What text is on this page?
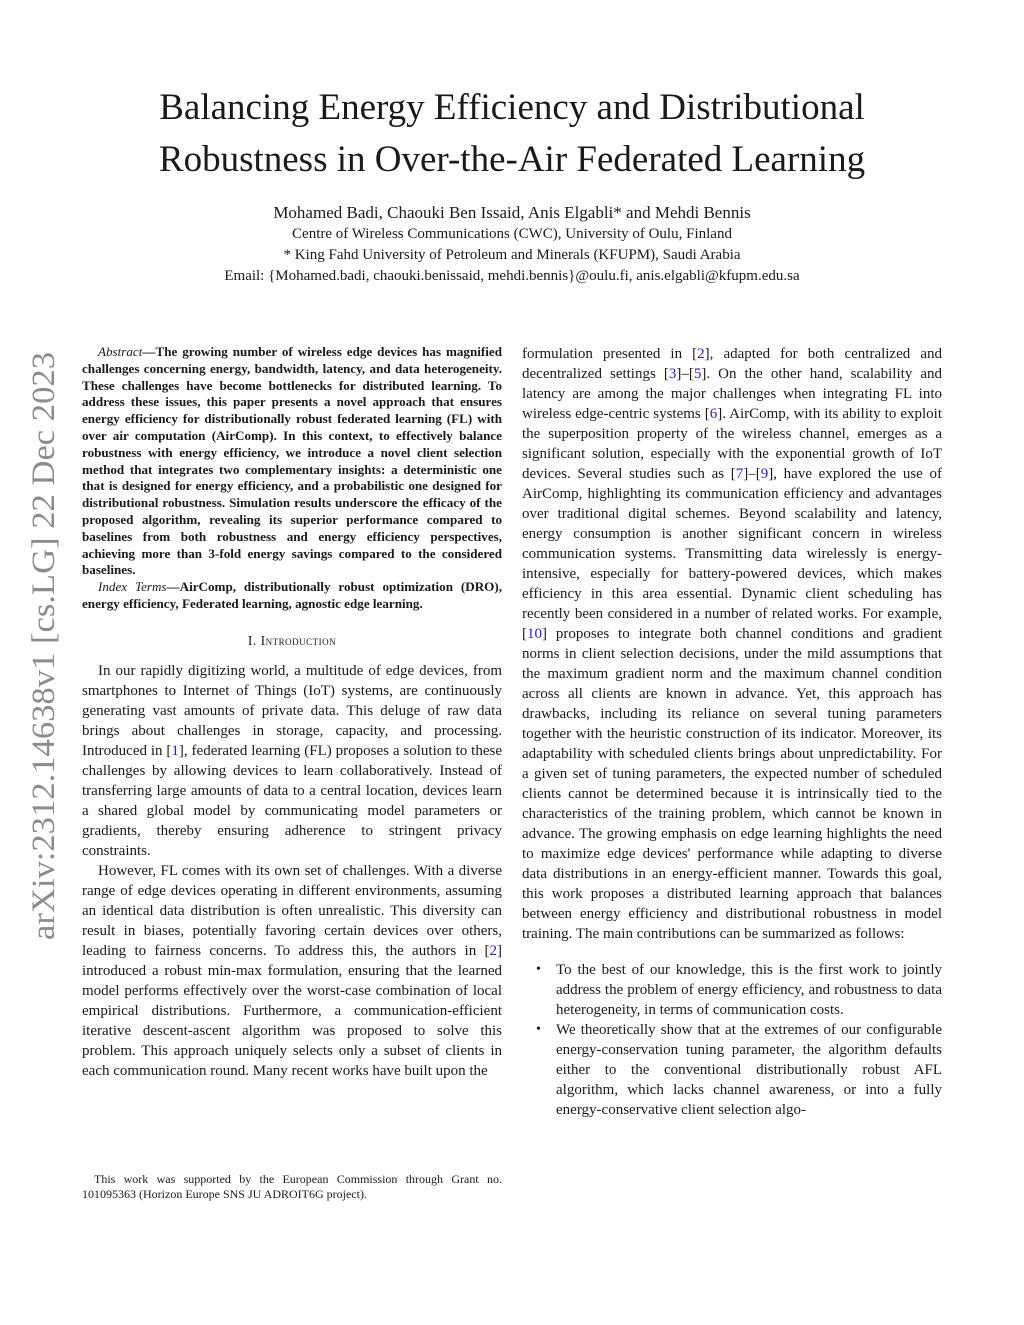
arXiv:2312.14638v1 [cs.LG] 22 Dec 2023
Balancing Energy Efficiency and Distributional
Robustness in Over-the-Air Federated Learning
Mohamed Badi, Chaouki Ben Issaid, Anis Elgabli* and Mehdi Bennis
Centre of Wireless Communications (CWC), University of Oulu, Finland
* King Fahd University of Petroleum and Minerals (KFUPM), Saudi Arabia
Email: {Mohamed.badi, chaouki.benissaid, mehdi.bennis}@oulu.fi, anis.elgabli@kfupm.edu.sa

Abstract—The growing number of wireless edge devices has magnified challenges concerning energy, bandwidth, latency, and data heterogeneity. These challenges have become bottlenecks for distributed learning. To address these issues, this paper presents a novel approach that ensures energy efficiency for distributionally robust federated learning (FL) with over air computation (AirComp). In this context, to effectively balance robustness with energy efficiency, we introduce a novel client selection method that integrates two complementary insights: a deterministic one that is designed for energy efficiency, and a probabilistic one designed for distributional robustness. Simulation results underscore the efficacy of the proposed algorithm, revealing its superior performance compared to baselines from both robustness and energy efficiency perspectives, achieving more than 3-fold energy savings compared to the considered baselines.

Index Terms—AirComp, distributionally robust optimization (DRO), energy efficiency, Federated learning, agnostic edge learning.

I. Introduction

In our rapidly digitizing world, a multitude of edge devices, from smartphones to Internet of Things (IoT) systems, are continuously generating vast amounts of private data. This deluge of raw data brings about challenges in storage, capacity, and processing. Introduced in [1], federated learning (FL) proposes a solution to these challenges by allowing devices to learn collaboratively. Instead of transferring large amounts of data to a central location, devices learn a shared global model by communicating model parameters or gradients, thereby ensuring adherence to stringent privacy constraints.

However, FL comes with its own set of challenges. With a diverse range of edge devices operating in different environments, assuming an identical data distribution is often unrealistic. This diversity can result in biases, potentially favoring certain devices over others, leading to fairness concerns. To address this, the authors in [2] introduced a robust min-max formulation, ensuring that the learned model performs effectively over the worst-case combination of local empirical distributions. Furthermore, a communication-efficient iterative descent-ascent algorithm was proposed to solve this problem. This approach uniquely selects only a subset of clients in each communication round. Many recent works have built upon the

This work was supported by the European Commission through Grant no. 101095363 (Horizon Europe SNS JU ADROIT6G project).

formulation presented in [2], adapted for both centralized and decentralized settings [3]–[5]. On the other hand, scalability and latency are among the major challenges when integrating FL into wireless edge-centric systems [6]. AirComp, with its ability to exploit the superposition property of the wireless channel, emerges as a significant solution, especially with the exponential growth of IoT devices. Several studies such as [7]–[9], have explored the use of AirComp, highlighting its communication efficiency and advantages over traditional digital schemes. Beyond scalability and latency, energy consumption is another significant concern in wireless communication systems. Transmitting data wirelessly is energy-intensive, especially for battery-powered devices, which makes efficiency in this area essential. Dynamic client scheduling has recently been considered in a number of related works. For example, [10] proposes to integrate both channel conditions and gradient norms in client selection decisions, under the mild assumptions that the maximum gradient norm and the maximum channel condition across all clients are known in advance. Yet, this approach has drawbacks, including its reliance on several tuning parameters together with the heuristic construction of its indicator. Moreover, its adaptability with scheduled clients brings about unpredictability. For a given set of tuning parameters, the expected number of scheduled clients cannot be determined because it is intrinsically tied to the characteristics of the training problem, which cannot be known in advance. The growing emphasis on edge learning highlights the need to maximize edge devices' performance while adapting to diverse data distributions in an energy-efficient manner. Towards this goal, this work proposes a distributed learning approach that balances between energy efficiency and distributional robustness in model training. The main contributions can be summarized as follows:

• To the best of our knowledge, this is the first work to jointly address the problem of energy efficiency, and robustness to data heterogeneity, in terms of communication costs.
• We theoretically show that at the extremes of our configurable energy-conservation tuning parameter, the algorithm defaults either to the conventional distributionally robust AFL algorithm, which lacks channel awareness, or into a fully energy-conservative client selection algo-
